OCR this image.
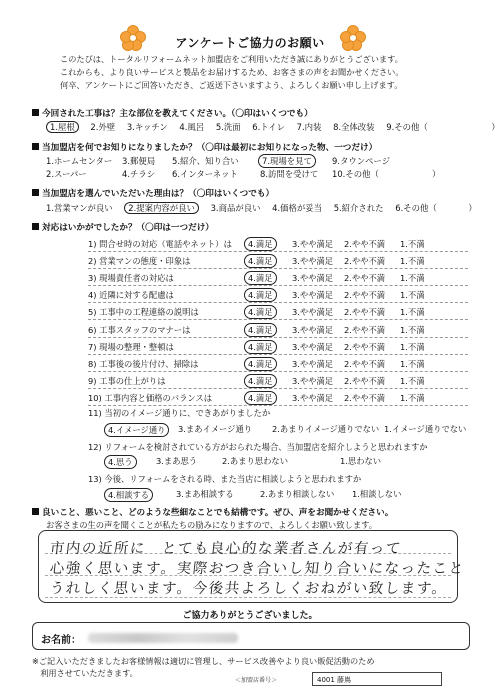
アンケートご協力のお願い
このたびは、トータルリフォームネット加盟店をご利用いただき誠にありがとうございます。
これからも、より良いサービスと製品をお届けするため、お客さまの声をお聞かせください。
何卒、アンケートにご回答いただき、ご返送下さいますよう、よろしくお願い申し上げます。
今回された工事は？主な部位を教えてください。（〇印はいくつでも）
1.屋根 2.外壁 3.キッチン 4.風呂 5.洗面 6.トイレ 7.内装 8.全体改装 9.その他（	）
当加盟店を何でお知りになりましたか？（〇印は最初にお知りになった物、一つだけ）
1.ホームセンター 3.郵便局 5.紹介、知り合い	7.現場を見て	9.タウンページ
2.スーパー	4.チラシ 6.インターネット	8.訪問を受けて 10.その他（	）
当加盟店を選んでいただいた理由は？（〇印はいくつでも）
1.営業マンが良い 2.提案内容が良い 3.商品が良い 4.価格が妥当 5.紹介された 6.その他（	）
対応はいかがでしたか？（〇印は一つだけ）
1) 問合せ時の対応（電話やネット）は	4.満足	3.やや満足 2.やや不満 1.不満
2) 営業マンの態度・印象は	4.満足	3.やや満足 2.やや不満 1.不満
3) 現場責任者の対応は	4.満足	3.やや満足 2.やや不満 1.不満
4) 近隣に対する配慮は	4.満足	3.やや満足 2.やや不満 1.不満
5) 工事中の工程連絡の説明は	4.満足	3.やや満足 2.やや不満 1.不満
6) 工事スタッフのマナーは	4.満足	3.やや満足 2.やや不満 1.不満
7) 現場の整理・整頓は	4.満足	3.やや満足 2.やや不満 1.不満
8) 工事後の後片付け、掃除は	4.満足	3.やや満足 2.やや不満 1.不満
9) 工事の仕上がりは	4.満足	3.やや満足 2.やや不満 1.不満
10) 工事内容と価格のバランスは	4.満足	3.やや満足 2.やや不満 1.不満
11) 当初のイメージ通りに、できあがりましたか
4.イメージ通り	3.まあイメージ通り 2.あまりイメージ通りでない 1.イメージ通りでない
12) リフォームを検討されている方がおられた場合、当加盟店を紹介しようと思われますか
4.思う	3.まあ思う	2.あまり思わない	1.思わない
13) 今後、リフォームをされる時、また当店に相談しようと思われますか
4.相談する	3.まあ相談する	2.あまり相談しない 1.相談しない
良いこと、悪いこと、どのような些細なことでも結構です。ぜひ、声をお聞かせください。
お客さまの生の声を聞くことが私たちの励みになりますので、よろしくお願い致します。
市内の近所に　とても良心的な業者さんが有って
心強く思います。実際おつき合いし知り合いになったこと
うれしく思います。今後共よろしくおねがい致します。
ご協力ありがとうございました。
お名前：
※ご記入いただきましたお客様情報は適切に管理し、サービス改善やより良い販促活動のため
　利用させていただきます。
＜加盟店番号＞	4001 藤嶌
